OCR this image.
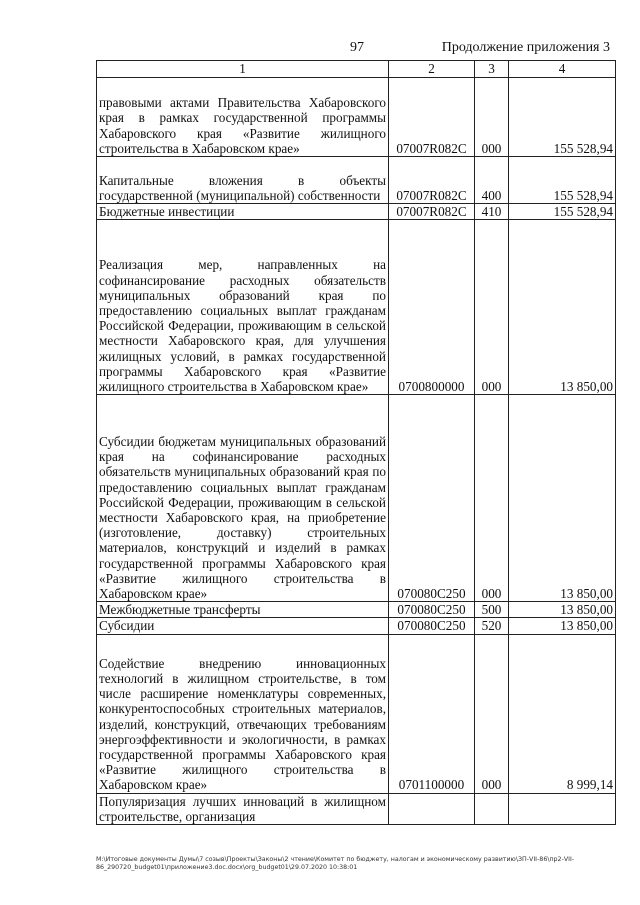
97	Продолжение приложения 3
1	2	3	4
правовыми актами Правительства Хабаровского края в рамках государственной программы Хабаровского края «Развитие жилищного строительства в Хабаровском крае»	07007R082C	000	155 528,94
Капитальные вложения в объекты государственной (муниципальной) собственности	07007R082C	400	155 528,94
Бюджетные инвестиции	07007R082C	410	155 528,94
Реализация мер, направленных на софинансирование расходных обязательств муниципальных образований края по предоставлению социальных выплат гражданам Российской Федерации, проживающим в сельской местности Хабаровского края, для улучшения жилищных условий, в рамках государственной программы Хабаровского края «Развитие жилищного строительства в Хабаровском крае»	0700800000	000	13 850,00
Субсидии бюджетам муниципальных образований края на софинансирование расходных обязательств муниципальных образований края по предоставлению социальных выплат гражданам Российской Федерации, проживающим в сельской местности Хабаровского края, на приобретение (изготовление, доставку) строительных материалов, конструкций и изделий в рамках государственной программы Хабаровского края «Развитие жилищного строительства в Хабаровском крае»	070080С250	000	13 850,00
Межбюджетные трансферты	070080С250	500	13 850,00
Субсидии	070080С250	520	13 850,00
Содействие внедрению инновационных технологий в жилищном строительстве, в том числе расширение номенклатуры современных, конкурентоспособных строительных материалов, изделий, конструкций, отвечающих требованиям энергоэффективности и экологичности, в рамках государственной программы Хабаровского края «Развитие жилищного строительства в Хабаровском крае»	0701100000	000	8 999,14
Популяризация лучших инноваций в жилищном строительстве, организация			
M:\Итоговые документы Думы\7 созыв\Проекты\Законы\2 чтение\Комитет по бюджету, налогам и экономическому развитию\ЗП-VII-86\пр2-VII-86_290720_budget01\приложение3.doc.docx\org_budget01\29.07.2020 10:38:01
